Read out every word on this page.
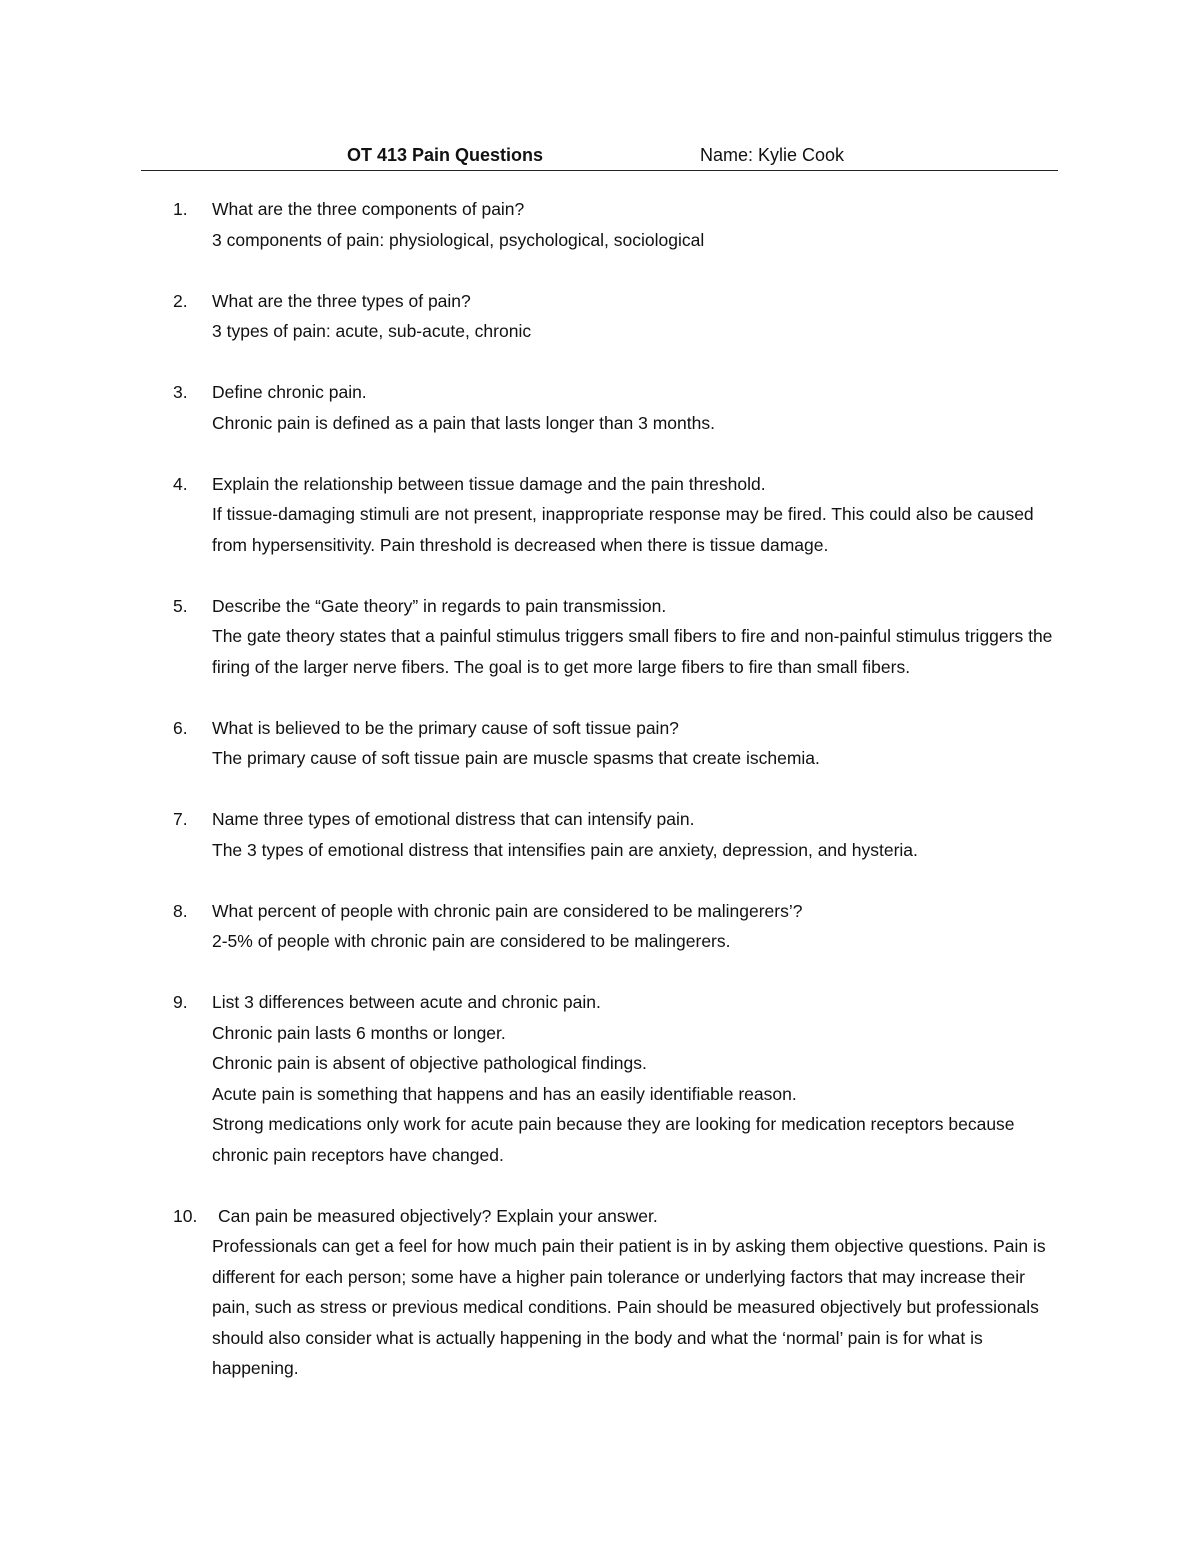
OT 413 Pain Questions	Name: Kylie Cook
1. What are the three components of pain?
3 components of pain: physiological, psychological, sociological
2. What are the three types of pain?
3 types of pain: acute, sub-acute, chronic
3. Define chronic pain.
Chronic pain is defined as a pain that lasts longer than 3 months.
4. Explain the relationship between tissue damage and the pain threshold.
If tissue-damaging stimuli are not present, inappropriate response may be fired. This could also be caused from hypersensitivity. Pain threshold is decreased when there is tissue damage.
5. Describe the “Gate theory” in regards to pain transmission.
The gate theory states that a painful stimulus triggers small fibers to fire and non-painful stimulus triggers the firing of the larger nerve fibers. The goal is to get more large fibers to fire than small fibers.
6. What is believed to be the primary cause of soft tissue pain?
The primary cause of soft tissue pain are muscle spasms that create ischemia.
7. Name three types of emotional distress that can intensify pain.
The 3 types of emotional distress that intensifies pain are anxiety, depression, and hysteria.
8. What percent of people with chronic pain are considered to be malingerers’?
2-5% of people with chronic pain are considered to be malingerers.
9. List 3 differences between acute and chronic pain.
Chronic pain lasts 6 months or longer.
Chronic pain is absent of objective pathological findings.
Acute pain is something that happens and has an easily identifiable reason.
Strong medications only work for acute pain because they are looking for medication receptors because chronic pain receptors have changed.
10. Can pain be measured objectively? Explain your answer.
Professionals can get a feel for how much pain their patient is in by asking them objective questions. Pain is different for each person; some have a higher pain tolerance or underlying factors that may increase their pain, such as stress or previous medical conditions. Pain should be measured objectively but professionals should also consider what is actually happening in the body and what the ‘normal’ pain is for what is happening.
